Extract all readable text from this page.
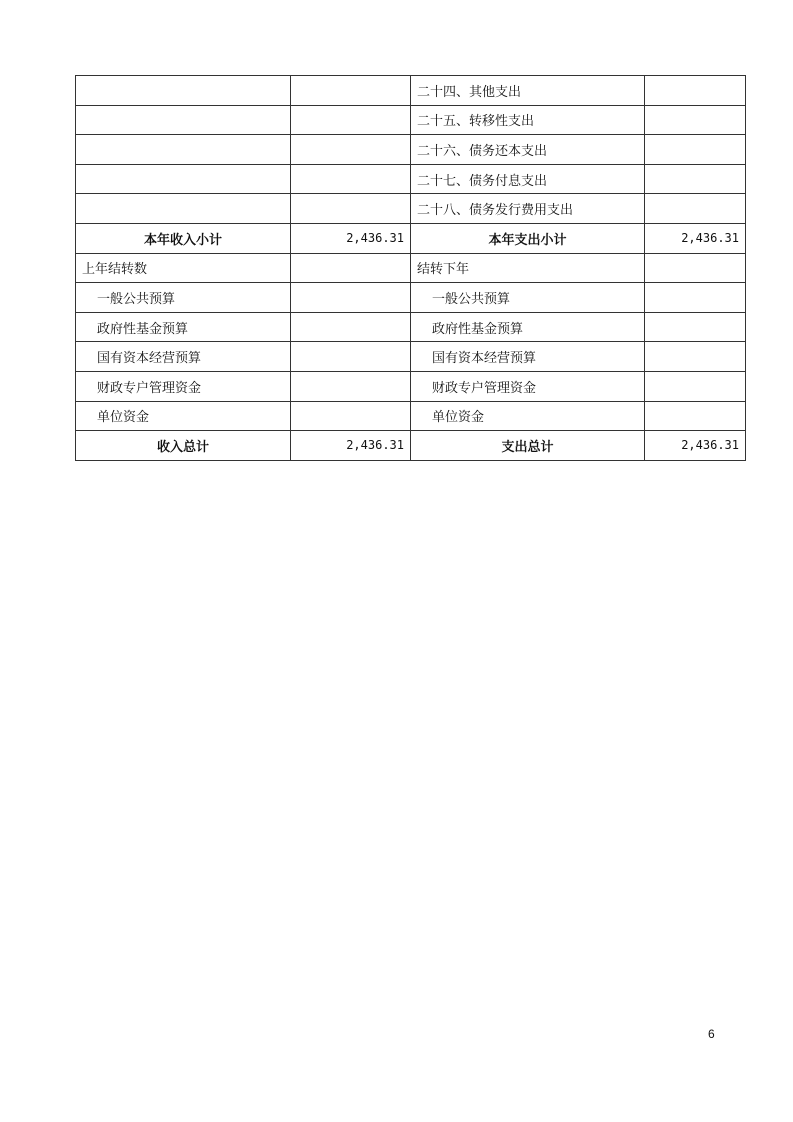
		二十四、其他支出	
		二十五、转移性支出	
		二十六、债务还本支出	
		二十七、债务付息支出	
		二十八、债务发行费用支出	
本年收入小计	2,436.31	本年支出小计	2,436.31
上年结转数		结转下年	
一般公共预算		一般公共预算	
政府性基金预算		政府性基金预算	
国有资本经营预算		国有资本经营预算	
财政专户管理资金		财政专户管理资金	
单位资金		单位资金	
收入总计	2,436.31	支出总计	2,436.31
6
